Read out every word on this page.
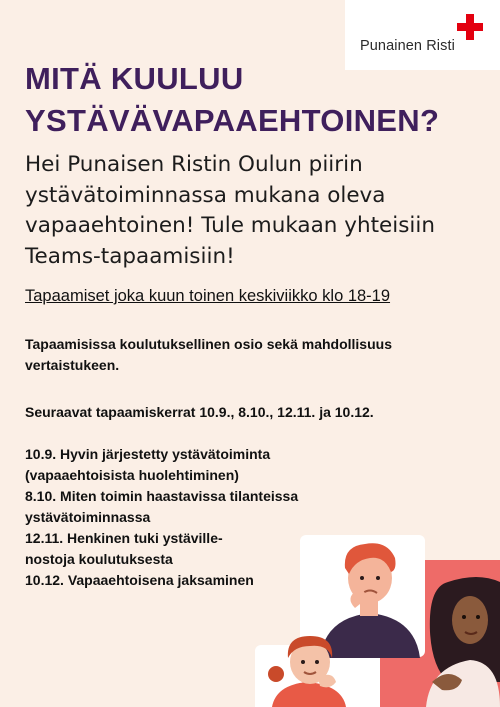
Punainen Risti
MITÄ KUULUU YSTÄVÄVAPAAEHTOINEN?

Hei Punaisen Ristin Oulun piirin ystävätoiminnassa mukana oleva vapaaehtoinen! Tule mukaan yhteisiin Teams-tapaamisiin!

Tapaamiset joka kuun toinen keskiviikko klo 18-19
Tapaamisissa koulutuksellinen osio sekä mahdollisuus vertaistukeen.
Seuraavat tapaamiskerrat 10.9., 8.10., 12.11. ja 10.12.
10.9. Hyvin järjestetty ystävätoiminta
(vapaaehtoisista huolehtiminen)
8.10. Miten toimin haastavissa tilanteissa
ystävätoiminnassa
12.11. Henkinen tuki ystäville-
nostoja koulutuksesta
10.12. Vapaaehtoisena jaksaminen
